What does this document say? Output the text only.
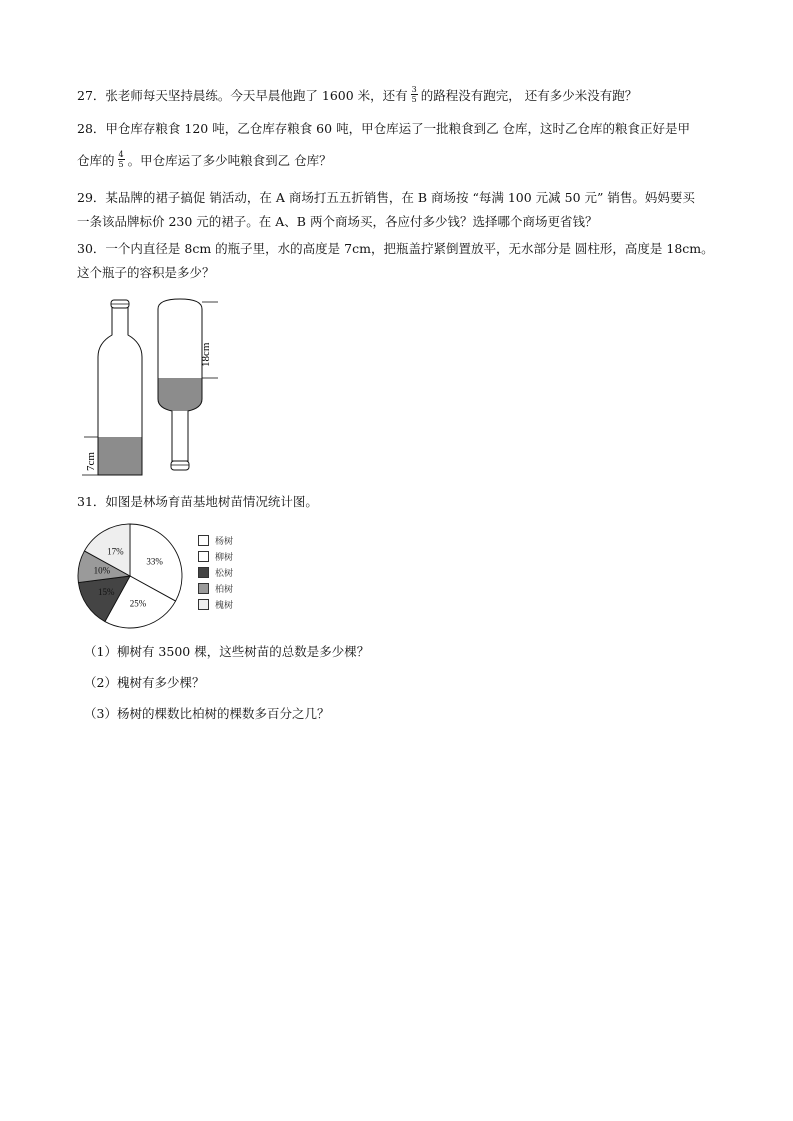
27．张老师每天坚持晨练。今天早晨他跑了 1600 米，还有 $\frac{3}{5}$ 的路程没有跑完， 还有多少米没有跑？
28．甲仓库存粮食 120 吨，乙仓库存粮食 60 吨，甲仓库运了一批粮食到乙 仓库，这时乙仓库的粮食正好是甲
仓库的 $\frac{4}{5}$ 。甲仓库运了多少吨粮食到乙 仓库？
29．某品牌的裙子搞促 销活动，在 A 商场打五五折销售，在 B 商场按 “每满 100 元减 50 元” 销售。妈妈要买
一条该品牌标价 230 元的裙子。在 A、B 两个商场买，各应付多少钱？选择哪个商场更省钱？
30．一个内直径是 8cm 的瓶子里，水的高度是 7cm，把瓶盖拧紧倒置放平，无水部分是 圆柱形，高度是 18cm。
这个瓶子的容积是多少？
7cm
18cm
31．如图是林场育苗基地树苗情况统计图。
33%
25%
15%
10%
17%
杨树
柳树
松树
柏树
槐树
（1）柳树有 3500 棵，这些树苗的总数是多少棵？
（2）槐树有多少棵？
（3）杨树的棵数比柏树的棵数多百分之几？
